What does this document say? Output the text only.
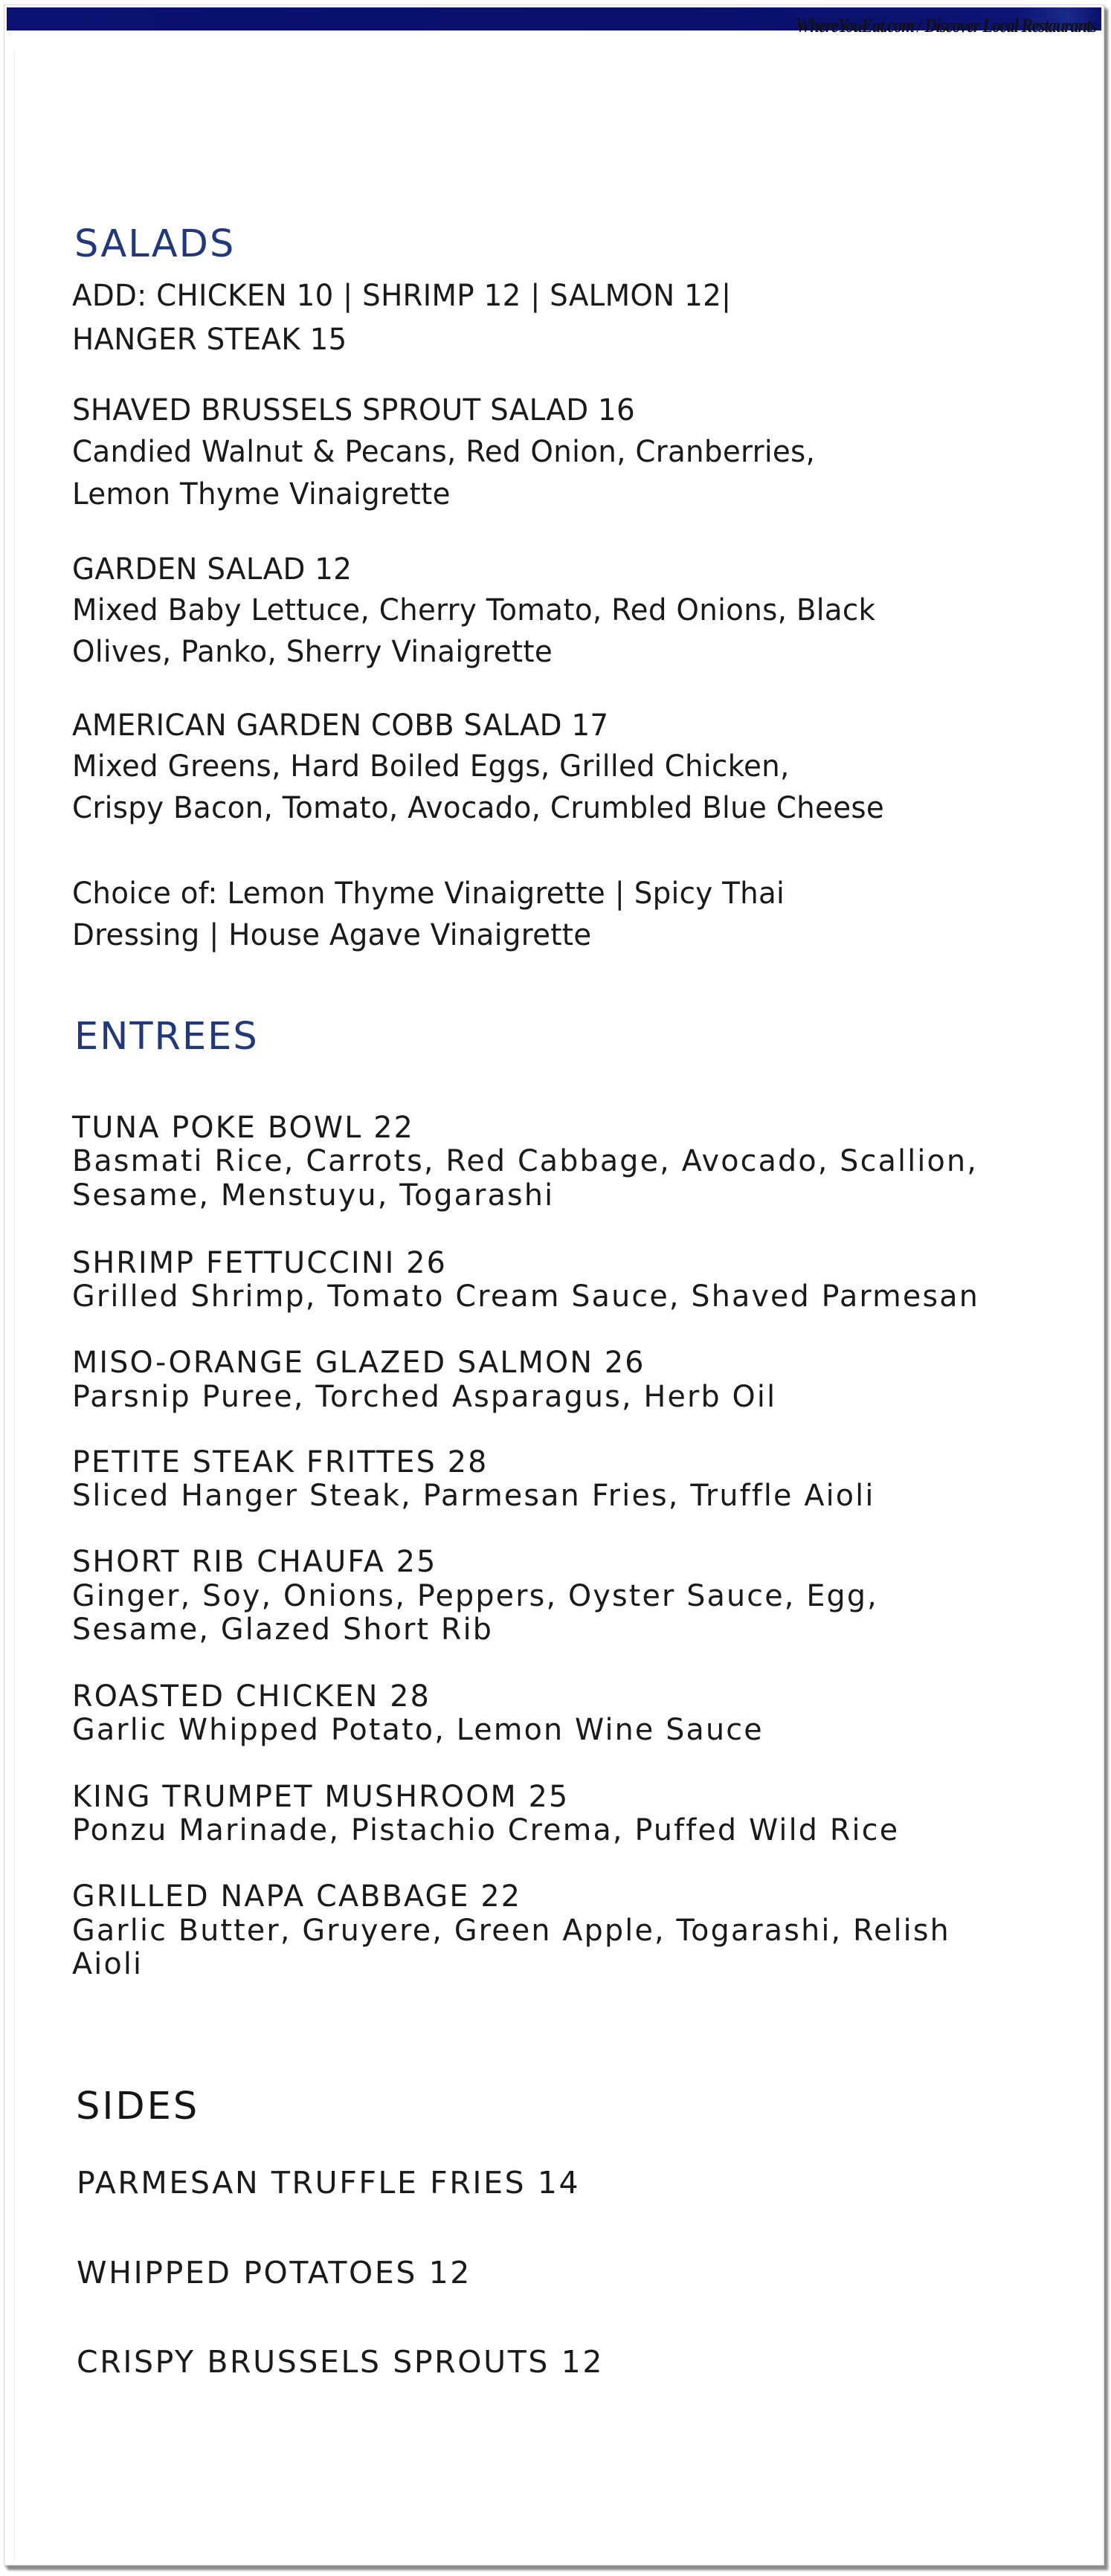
WhereYouEat.com / Discover Local Restaurants
SALADS
ADD: CHICKEN 10 | SHRIMP 12 | SALMON 12|
HANGER STEAK 15
SHAVED BRUSSELS SPROUT SALAD 16
Candied Walnut & Pecans, Red Onion, Cranberries,
Lemon Thyme Vinaigrette
GARDEN SALAD 12
Mixed Baby Lettuce, Cherry Tomato, Red Onions, Black
Olives, Panko, Sherry Vinaigrette
AMERICAN GARDEN COBB SALAD 17
Mixed Greens, Hard Boiled Eggs, Grilled Chicken,
Crispy Bacon, Tomato, Avocado, Crumbled Blue Cheese
Choice of: Lemon Thyme Vinaigrette | Spicy Thai
Dressing | House Agave Vinaigrette
ENTREES
TUNA POKE BOWL 22
Basmati Rice, Carrots, Red Cabbage, Avocado, Scallion,
Sesame, Menstuyu, Togarashi
SHRIMP FETTUCCINI 26
Grilled Shrimp, Tomato Cream Sauce, Shaved Parmesan
MISO-ORANGE GLAZED SALMON 26
Parsnip Puree, Torched Asparagus, Herb Oil
PETITE STEAK FRITTES 28
Sliced Hanger Steak, Parmesan Fries, Truffle Aioli
SHORT RIB CHAUFA 25
Ginger, Soy, Onions, Peppers, Oyster Sauce, Egg,
Sesame, Glazed Short Rib
ROASTED CHICKEN 28
Garlic Whipped Potato, Lemon Wine Sauce
KING TRUMPET MUSHROOM 25
Ponzu Marinade, Pistachio Crema, Puffed Wild Rice
GRILLED NAPA CABBAGE 22
Garlic Butter, Gruyere, Green Apple, Togarashi, Relish
Aioli
SIDES
PARMESAN TRUFFLE FRIES 14
WHIPPED POTATOES 12
CRISPY BRUSSELS SPROUTS 12
